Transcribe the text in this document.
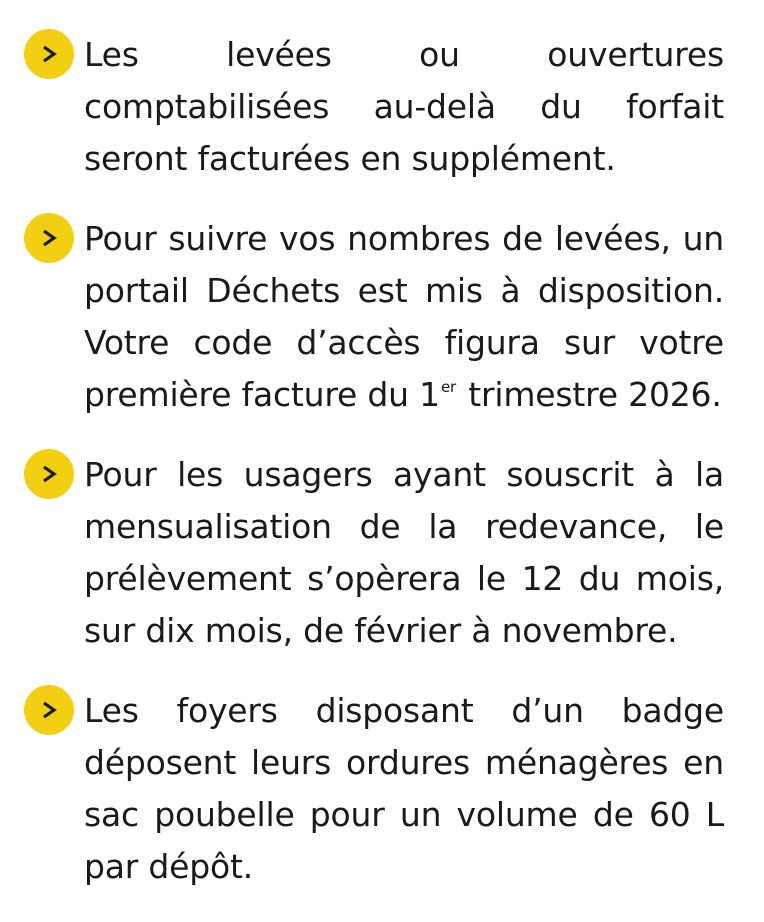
Les levées ou ouvertures comptabilisées au-delà du forfait seront facturées en supplément.

Pour suivre vos nombres de levées, un portail Déchets est mis à disposition. Votre code d’accès figura sur votre première facture du 1er trimestre 2026.

Pour les usagers ayant souscrit à la mensualisation de la redevance, le prélèvement s’opèrera le 12 du mois, sur dix mois, de février à novembre.

Les foyers disposant d’un badge déposent leurs ordures ménagères en sac poubelle pour un volume de 60 L par dépôt.
